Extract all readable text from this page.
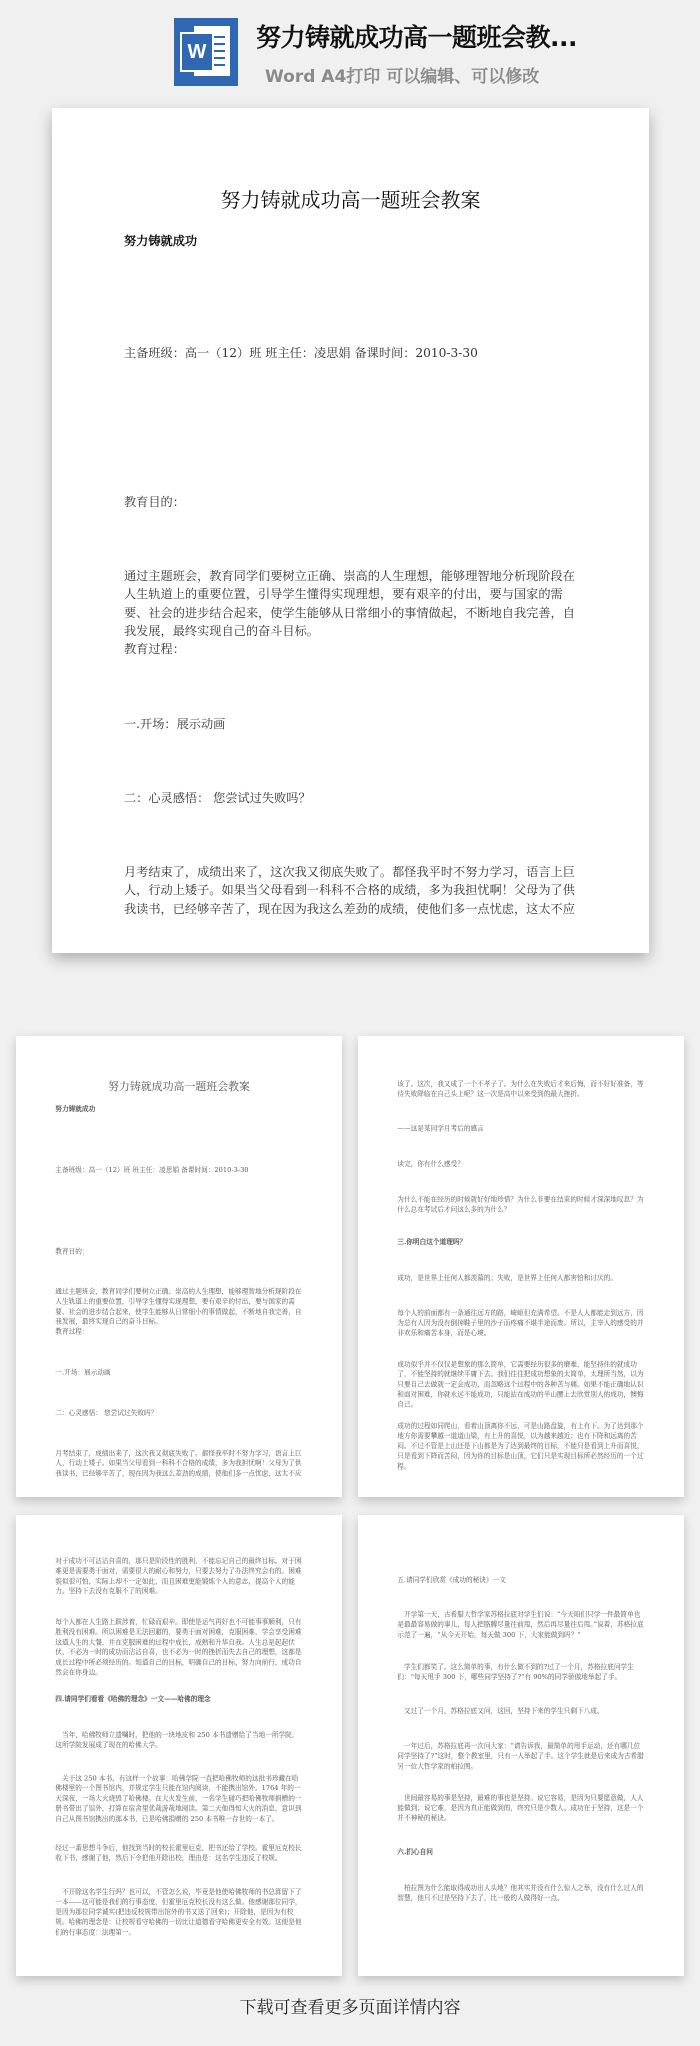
W	努力铸就成功高一题班会教...
Word A4打印 可以编辑、可以修改
努力铸就成功高一题班会教案
努力铸就成功
主备班级：高一（12）班 班主任：凌思娟 备课时间：2010-3-30
教育目的：
通过主题班会，教育同学们要树立正确、崇高的人生理想，能够理智地分析现阶段在人生轨道上的重要位置，引导学生懂得实现理想，要有艰辛的付出，要与国家的需要、社会的进步结合起来，使学生能够从日常细小的事情做起，不断地自我完善，自我发展，最终实现自己的奋斗目标。
教育过程：
一.开场：展示动画
二：心灵感悟： 您尝试过失败吗？
月考结束了，成绩出来了，这次我又彻底失败了。都怪我平时不努力学习，语言上巨人，行动上矮子。如果当父母看到一科科不合格的成绩，多为我担忧啊！父母为了供我读书，已经够辛苦了，现在因为我这么差劲的成绩，使他们多一点忧虑，这太不应
努力铸就成功高一题班会教案
努力铸就成功
主备班级：高一（12）班 班主任：凌思娟 备课时间：2010-3-30
教育目的：
通过主题班会，教育同学们要树立正确、崇高的人生理想，能够理智地分析现阶段在人生轨道上的重要位置，引导学生懂得实现理想，要有艰辛的付出，要与国家的需要、社会的进步结合起来，使学生能够从日常细小的事情做起，不断地自我完善，自我发展，最终实现自己的奋斗目标。
教育过程：
一.开场：展示动画
二：心灵感悟： 您尝试过失败吗？
月考结束了，成绩出来了，这次我又彻底失败了。都怪我平时不努力学习，语言上巨人，行动上矮子。如果当父母看到一科科不合格的成绩，多为我担忧啊！父母为了供我读书，已经够辛苦了，现在因为我这么差劲的成绩，使他们多一点忧虑，这太不应
该了。这次，我又成了一个不孝子了。为什么在失败后才来后悔，而不好好准备，等待失败降临在自己头上呢？这一次是高中以来受到的最大挫折。
——这是某同学月考后的感言
读完，你有什么感受？
为什么不能在经历的时候就好好地珍惜？为什么非要在结束的时候才深深地叹息？为什么总在考试后才问这么多的为什么？
三.你明白这个道理吗？
成功，是世界上任何人都羡慕的；失败，是世界上任何人都害怕和讨厌的。
每个人的前面都有一条通往远方的路，崎岖但充满希望。不是人人都能走到远方，因为总有人因为没有倒掉鞋子里的沙子而疼痛不堪半途而废。所以，主宰人的感受的并非欢乐和痛苦本身，而是心境。
成功似乎并不仅仅是想象的那么简单，它需要经历很多的磨难，能坚持住的就成功了，不能坚持的就继续平庸下去。我们往往把成功想象的太简单，太理所当然，以为只要自己去做就一定会成功，而忽略这个过程中的各种苦与痛。如果不能正确地认识和面对困难，你就永远不能成功，只能站在成功的半山腰上去欣赏别人的成功，懊悔自己。
成功的过程如同爬山，看着山顶离你不远，可是山路盘旋，有上有下。为了达到那个地方你需要攀越一道道山梁，有上升的喜悦，以为越来越近；也有下降和远离的苦闷。不过不管是上山还是下山都是为了达到最终的目标，不能只是看到上升而喜悦，只是看到下降而苦闷，因为你的目标是山顶，它们只是实现目标所必然经历的一个过程。
对于成功不可沾沾自喜的，那只是阶段性的胜利，不能忘记自己的最终目标。对于困难更是需要勇于面对，需要很大的耐心和努力，只要去努力了办法终究会有的。困难貌似很可怕，实际上却不一定如此，而且困难更能锻炼个人的意志，提高个人的能力。坚持下去没有克服不了的困难。
每个人都在人生路上跋涉着，忙碌而艰辛。即使是运气再好也不可能事事顺利，只有胜利没有困难。所以困难是无法回避的，要勇于面对困难，克服困难，学会享受困难这道人生的大餐，并在克服困难的过程中成长，成熟和升华自我。人生总是起起伏伏，不必为一时的成功而沾沾自喜，也不必为一时的挫折而失去自己的理想，这都是成长过程中所必须经历的。知道自己的目标，明确自己的目标，努力向前行，成功自然会在你身边。
四.请同学们看看《哈佛的理念》一文——哈佛的理念
　当年，哈佛牧师立遗嘱时，把他的一块地皮和 250 本书遗赠给了当地一所学院，这所学院发展成了现在的哈佛大学。
　关于这 250 本书，有这样一个故事：哈佛学院一直把哈佛牧师的这批书珍藏在哈佛楼里的一个图书馆内，并规定学生只能在馆内阅读，不能携出馆外。1764 年的一天深夜，一场大火烧毁了哈佛楼。在大火发生前，一名学生碰巧把哈佛牧师捐赠的一册书带出了馆外，打算在宿舍里优哉游哉地阅读。第二天他得知大火的消息，意识到自己从图书馆携出的那本书，已是哈佛捐赠的 250 本书唯一存世的一本了。
经过一番思想斗争后，他找到当时的校长霍里厄克，把书还给了学校。霍里厄克校长收下书，感谢了他，然后下令把他开除出校，理由是：这名学生违反了校规。
　不开除这名学生行吗？也可以，不管怎么说，毕竟是他使哈佛牧师的书总算留下了一本——这可能是我们的行事态度，但霍里厄克校长没有这么做。他感谢那位同学，是因为那位同学诚实(把违反校规带出馆外的书又送了回来)；开除他，是因为有校规。哈佛的理念是：让校规看守哈佛的一切比让道德看守哈佛更安全有效。这便是他们的行事态度：法理第一。
五.请同学们欣赏《成功的秘诀》一文
　开学第一天，古希腊大哲学家苏格拉底对学生们说：“今天咱们只学一件最简单也是最最容易做的事儿，每人把胳膊尽量往前甩，然后再尽量往后甩。”说着，苏格拉底示范了一遍，“从今天开始，每天做 300 下，大家能做到吗？”
　学生们都笑了。这么简单的事，有什么做不到的?过了一个月，苏格拉底问学生们：“每天甩手 300 下，哪些同学坚持了?”有 90%的同学骄傲地举起了手。
　又过了一个月，苏格拉底又问，这回，坚持下来的学生只剩下八成。
　一年过后，苏格拉底再一次问大家：“请告诉我，最简单的甩手运动，还有哪几位同学坚持了?”这时，整个教室里，只有一人举起了手。这个学生就是后来成为古希腊另一位大哲学家的柏拉图。
　世间最容易的事是坚持，最难的事也是坚持。说它容易，是因为只要愿意做，人人能做到；说它难，是因为真正能做到的，终究只是少数人。成功在于坚持，这是一个并不神秘的秘诀。
六.扪心自问
　柏拉图为什么能取得成功出人头地？他其实并没有什么惊人之举，没有什么过人的智慧，他只不过是坚持下去了，比一般的人做得好一点。
下载可查看更多页面详情内容
